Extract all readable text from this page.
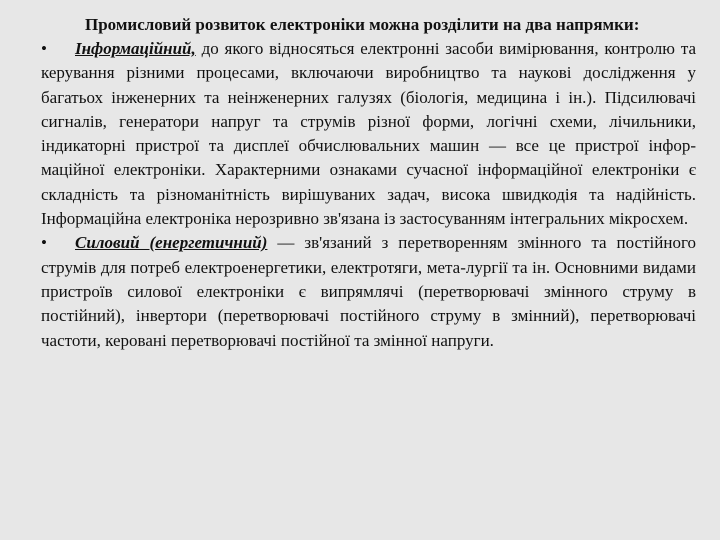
Промисловий розвиток електроніки можна розділити на два напрямки:

• Інформаційний, до якого відносяться електронні засоби вимірювання, контролю та керування різними процесами, включаючи виробництво та наукові дослідження у багатьох інженерних та неінженерних галузях (біологія, медицина і ін.). Підсилювачі сигналів, генератори напруг та струмів різної форми, логічні схеми, лічильники, індикаторні пристрої та дисплеї обчислювальних машин — все це пристрої інфор-маційної електроніки. Характерними ознаками сучасної інформаційної електроніки є складність та різноманітність вирішуваних задач, висока швидкодія та надійність. Інформаційна електроніка нерозривно зв'язана із застосуванням інтегральних мікросхем.

• Силовий (енергетичний) — зв'язаний з перетворенням змінного та постійного струмів для потреб електроенергетики, електротяги, мета-лургії та ін. Основними видами пристроїв силової електроніки є випрямлячі (перетворювачі змінного струму в постійний), інвертори (перетворювачі постійного струму в змінний), перетворювачі частоти, керовані перетворювачі постійної та змінної напруги.
